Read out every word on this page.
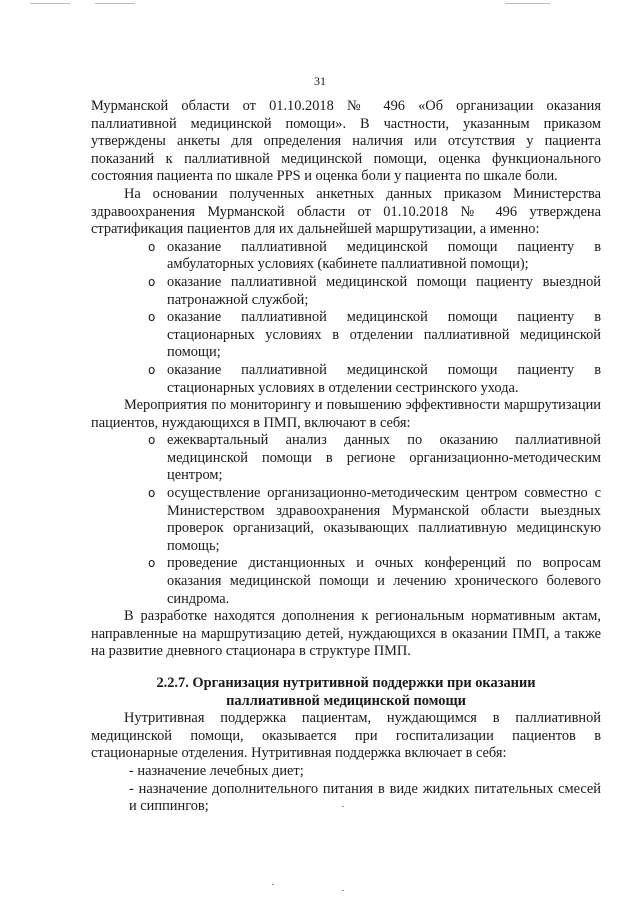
31

Мурманской области от 01.10.2018 № 496 «Об организации оказания паллиативной медицинской помощи». В частности, указанным приказом утверждены анкеты для определения наличия или отсутствия у пациента показаний к паллиативной медицинской помощи, оценка функционального состояния пациента по шкале PPS и оценка боли у пациента по шкале боли.

На основании полученных анкетных данных приказом Министерства здравоохранения Мурманской области от 01.10.2018 № 496 утверждена стратификация пациентов для их дальнейшей маршрутизации, а именно:

o оказание паллиативной медицинской помощи пациенту в амбулаторных условиях (кабинете паллиативной помощи);
o оказание паллиативной медицинской помощи пациенту выездной патронажной службой;
o оказание паллиативной медицинской помощи пациенту в стационарных условиях в отделении паллиативной медицинской помощи;
o оказание паллиативной медицинской помощи пациенту в стационарных условиях в отделении сестринского ухода.

Мероприятия по мониторингу и повышению эффективности маршрутизации пациентов, нуждающихся в ПМП, включают в себя:

o ежеквартальный анализ данных по оказанию паллиативной медицинской помощи в регионе организационно-методическим центром;
o осуществление организационно-методическим центром совместно с Министерством здравоохранения Мурманской области выездных проверок организаций, оказывающих паллиативную медицинскую помощь;
o проведение дистанционных и очных конференций по вопросам оказания медицинской помощи и лечению хронического болевого синдрома.

В разработке находятся дополнения к региональным нормативным актам, направленные на маршрутизацию детей, нуждающихся в оказании ПМП, а также на развитие дневного стационара в структуре ПМП.

2.2.7. Организация нутритивной поддержки при оказании
паллиативной медицинской помощи

Нутритивная поддержка пациентам, нуждающимся в паллиативной медицинской помощи, оказывается при госпитализации пациентов в стационарные отделения. Нутритивная поддержка включает в себя:

- назначение лечебных диет;

- назначение дополнительного питания в виде жидких питательных смесей и сиппингов;
